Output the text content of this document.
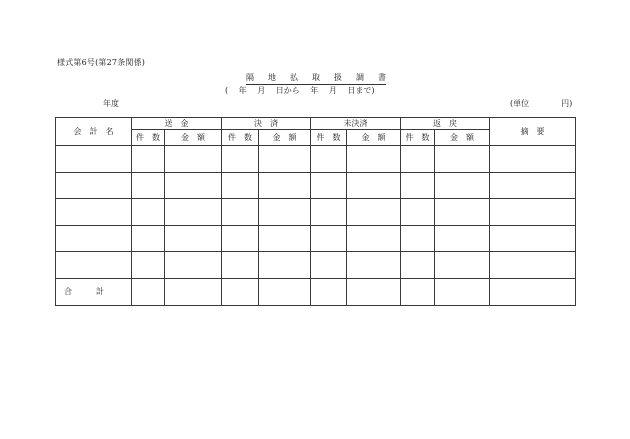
様式第6号(第27条関係)
隔 地 払 取 扱 調 書
(　 年　 月　 日から　 年　 月　 日まで)
年度	(単位　　　　円)
会　計　名	送　金		決　済		未決済		返　戻		摘　要
	件　数	金　額	件　数	金　額	件　数	金　額	件　数	金　額	

合　　　計									
